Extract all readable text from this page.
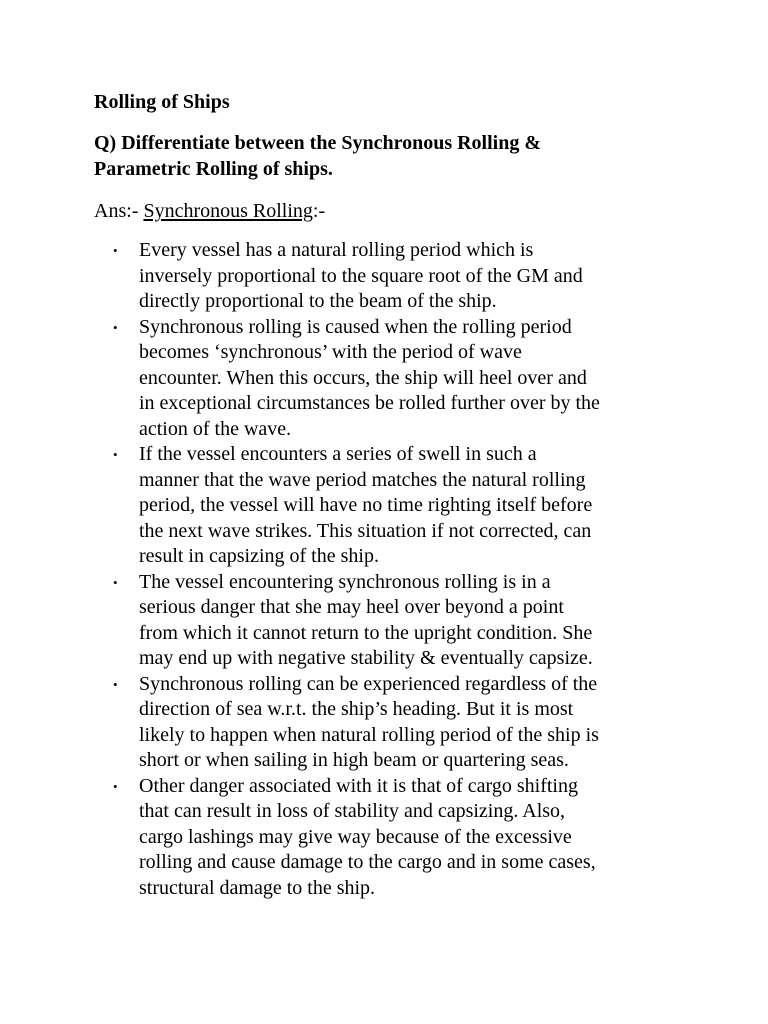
Rolling of Ships

Q) Differentiate between the Synchronous Rolling &
Parametric Rolling of ships.

Ans:- Synchronous Rolling:-

• Every vessel has a natural rolling period which is
inversely proportional to the square root of the GM and
directly proportional to the beam of the ship.
• Synchronous rolling is caused when the rolling period
becomes ‘synchronous’ with the period of wave
encounter. When this occurs, the ship will heel over and
in exceptional circumstances be rolled further over by the
action of the wave.
• If the vessel encounters a series of swell in such a
manner that the wave period matches the natural rolling
period, the vessel will have no time righting itself before
the next wave strikes. This situation if not corrected, can
result in capsizing of the ship.
• The vessel encountering synchronous rolling is in a
serious danger that she may heel over beyond a point
from which it cannot return to the upright condition. She
may end up with negative stability & eventually capsize.
• Synchronous rolling can be experienced regardless of the
direction of sea w.r.t. the ship’s heading. But it is most
likely to happen when natural rolling period of the ship is
short or when sailing in high beam or quartering seas.
• Other danger associated with it is that of cargo shifting
that can result in loss of stability and capsizing. Also,
cargo lashings may give way because of the excessive
rolling and cause damage to the cargo and in some cases,
structural damage to the ship.
